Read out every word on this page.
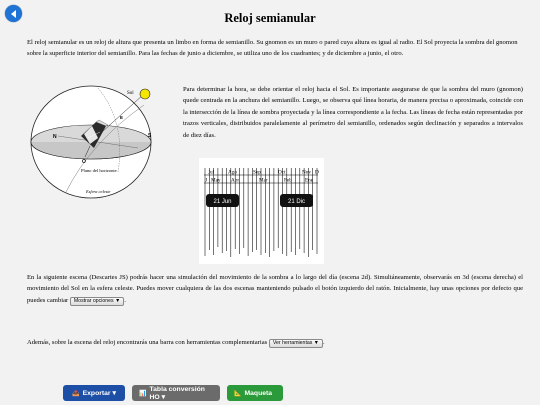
Reloj semianular

El reloj semianular es un reloj de altura que presenta un limbo en forma de semianillo. Su gnomon es un muro o pared cuya altura es igual al radio. El Sol proyecta la sombra del gnomon sobre la superficie interior del semianillo. Para las fechas de junio a diciembre, se utiliza uno de los cuadrantes; y de diciembre a junio, el otro.

Sol
N	S
E
O
Plano del horizonte
Esfera celeste

Para determinar la hora, se debe orientar el reloj hacia el Sol. Es importante asegurarse de que la sombra del muro (gnomon) quede centrada en la anchura del semianillo. Luego, se observa qué línea horaria, de manera precisa o aproximada, coincide con la intersección de la línea de sombra proyectada y la línea correspondiente a la fecha. Las líneas de fecha están representadas por trazos verticales, distribuidos paralelamente al perímetro del semianillo, ordenados según declinación y separados a intervalos de diez días.

Jul	Ago	Sep	Oct	Nov D
J May Abr	Mar	Feb	Ene
21 Jun	21 Dic

En la siguiente escena (Descartes JS) podrás hacer una simulación del movimiento de la sombra a lo largo del día (escena 2d). Simultáneamente, observarás en 3d (escena derecha) el movimiento del Sol en la esfera celeste. Puedes mover cualquiera de las dos escenas manteniendo pulsado el botón izquierdo del ratón. Inicialmente, hay unas opciones por defecto que puedes cambiar Mostrar opciones ▼ .

Además, sobre la escena del reloj encontrarás una barra con herramientas complementarias Ver herramientas ▼ .

📤 Exportar ▾	📊
Tabla conversión HO ▾	📐 Maqueta
